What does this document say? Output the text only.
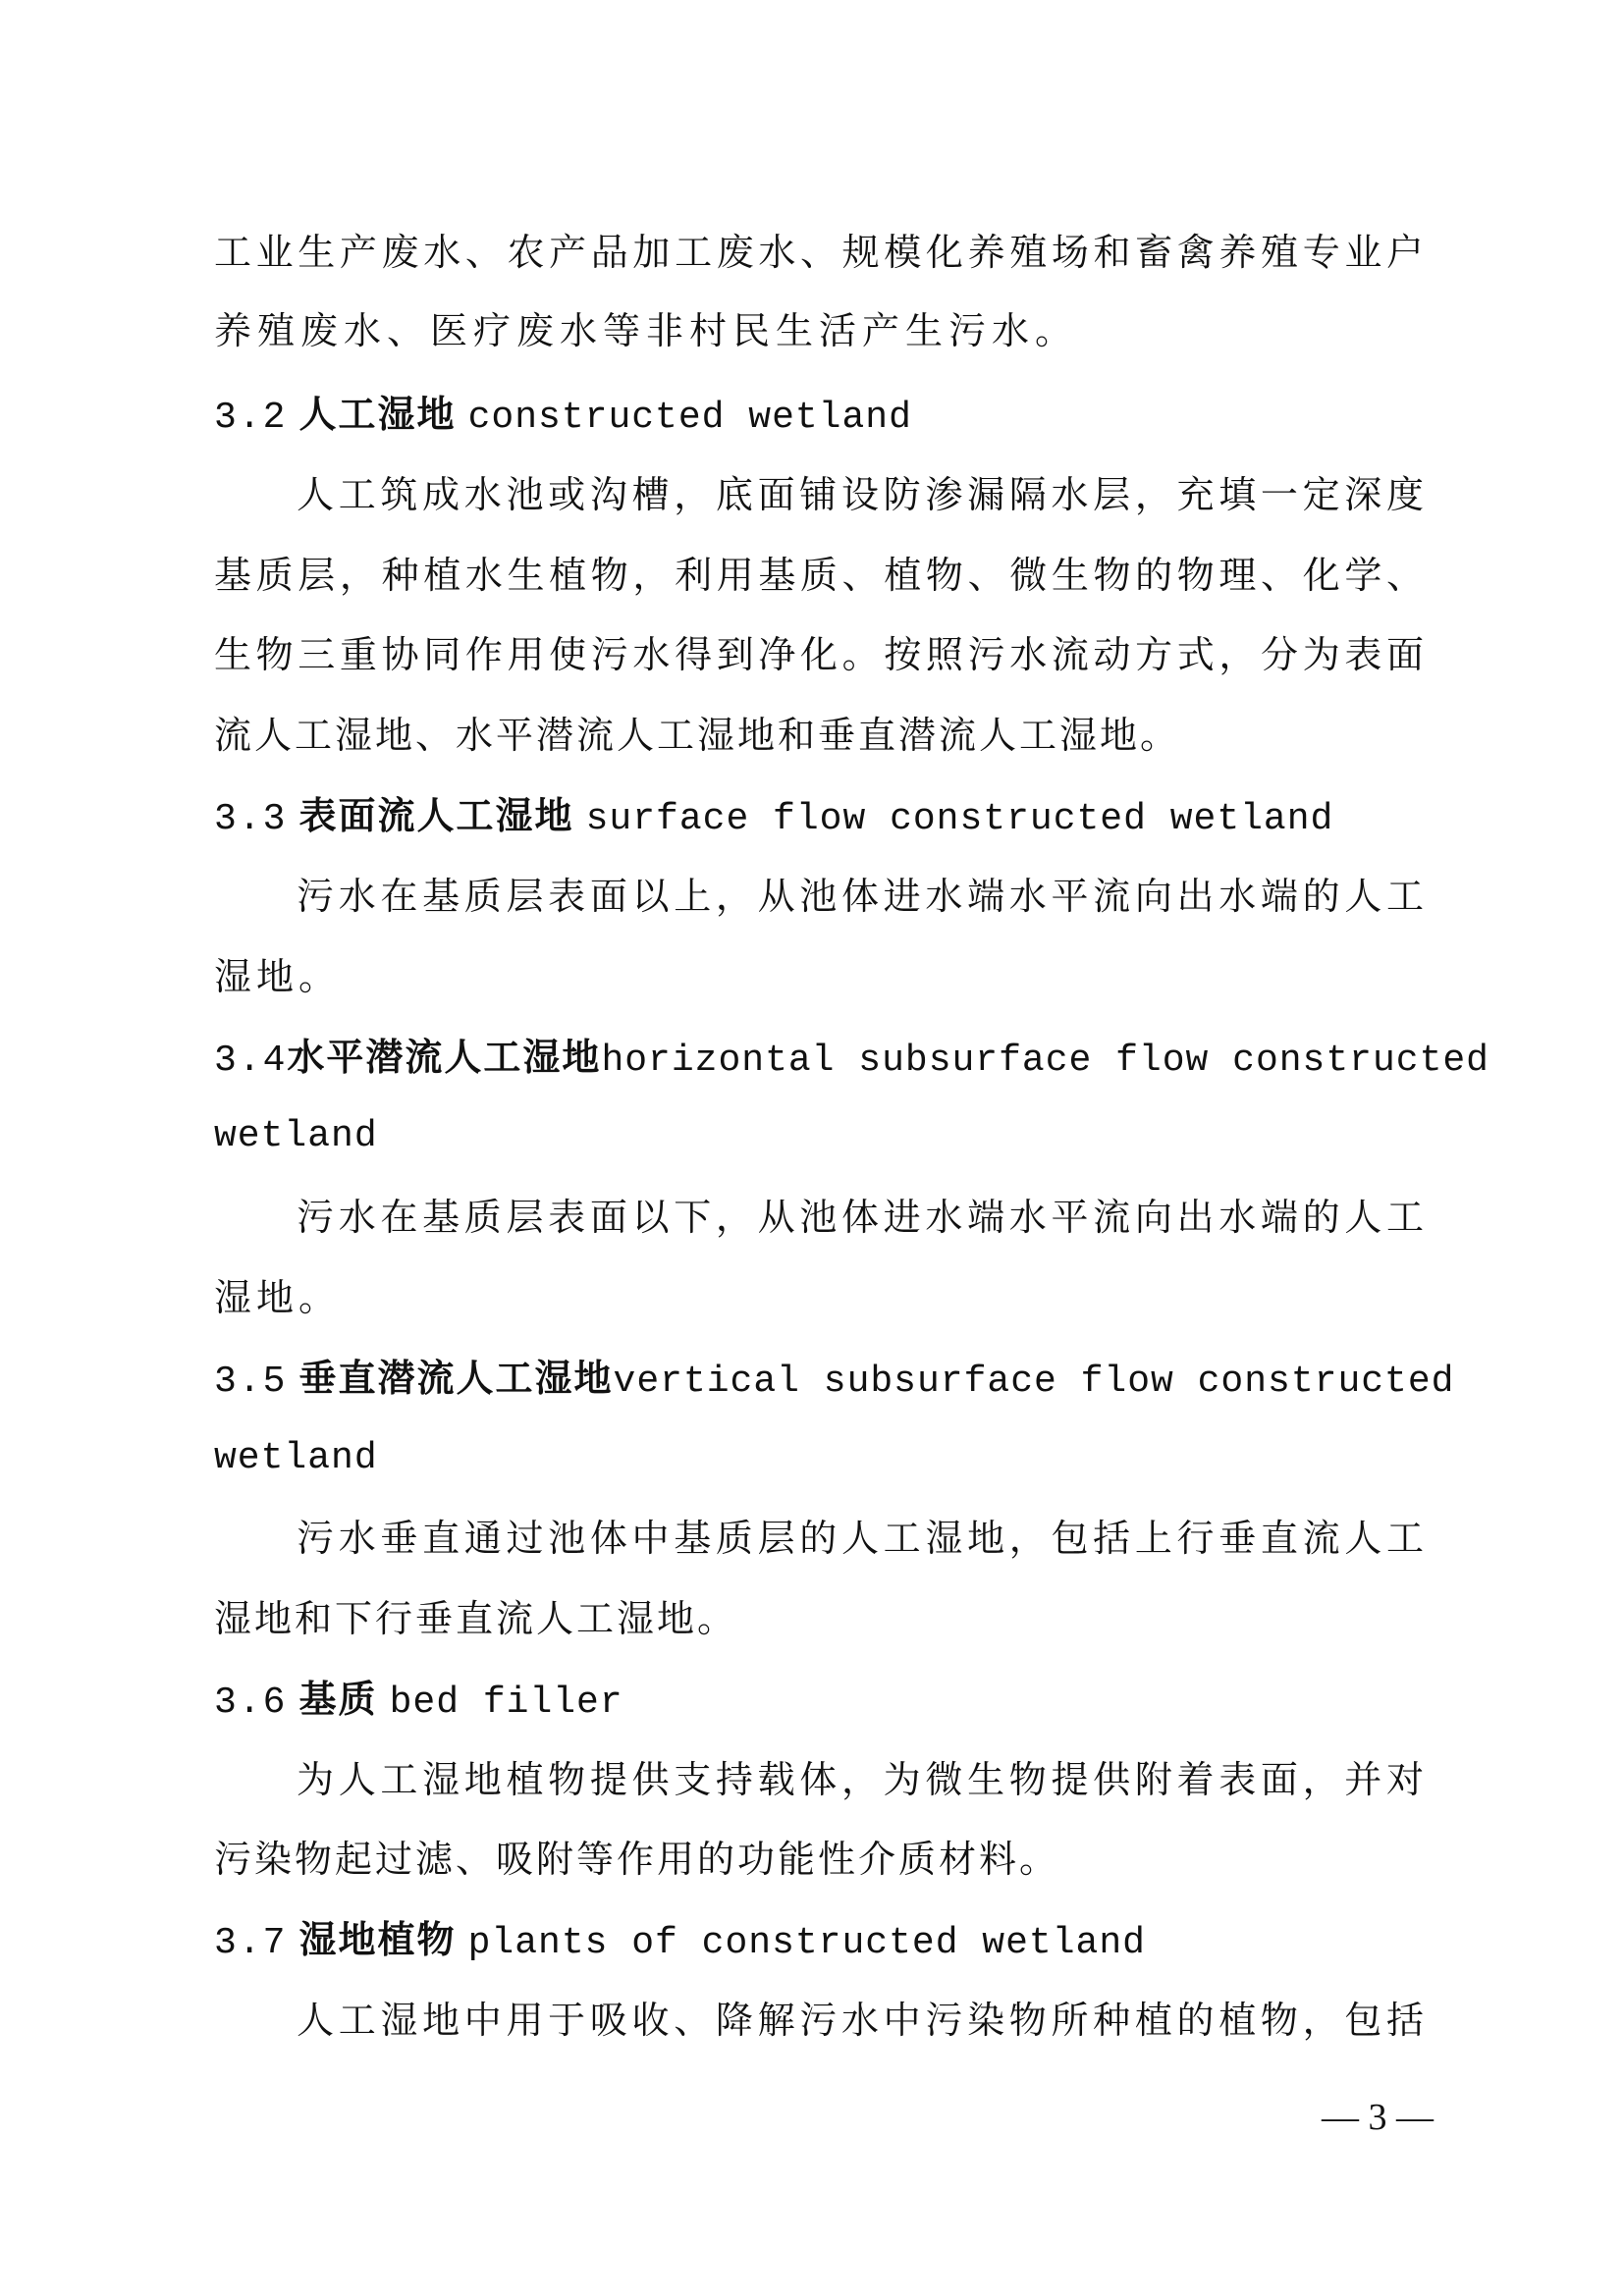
工业生产废水、农产品加工废水、规模化养殖场和畜禽养殖专业户
养殖废水、医疗废水等非村民生活产生污水。
3.2 人工湿地 constructed wetland
人工筑成水池或沟槽，底面铺设防渗漏隔水层，充填一定深度
基质层，种植水生植物，利用基质、植物、微生物的物理、化学、
生物三重协同作用使污水得到净化。按照污水流动方式，分为表面
流人工湿地、水平潜流人工湿地和垂直潜流人工湿地。
3.3 表面流人工湿地 surface flow constructed wetland
污水在基质层表面以上，从池体进水端水平流向出水端的人工
湿地。
3.4水平潜流人工湿地horizontal subsurface flow constructed
wetland
污水在基质层表面以下，从池体进水端水平流向出水端的人工
湿地。
3.5 垂直潜流人工湿地vertical subsurface flow constructed
wetland
污水垂直通过池体中基质层的人工湿地，包括上行垂直流人工
湿地和下行垂直流人工湿地。
3.6 基质 bed filler
为人工湿地植物提供支持载体，为微生物提供附着表面，并对
污染物起过滤、吸附等作用的功能性介质材料。
3.7 湿地植物 plants of constructed wetland
人工湿地中用于吸收、降解污水中污染物所种植的植物，包括
— 3 —
